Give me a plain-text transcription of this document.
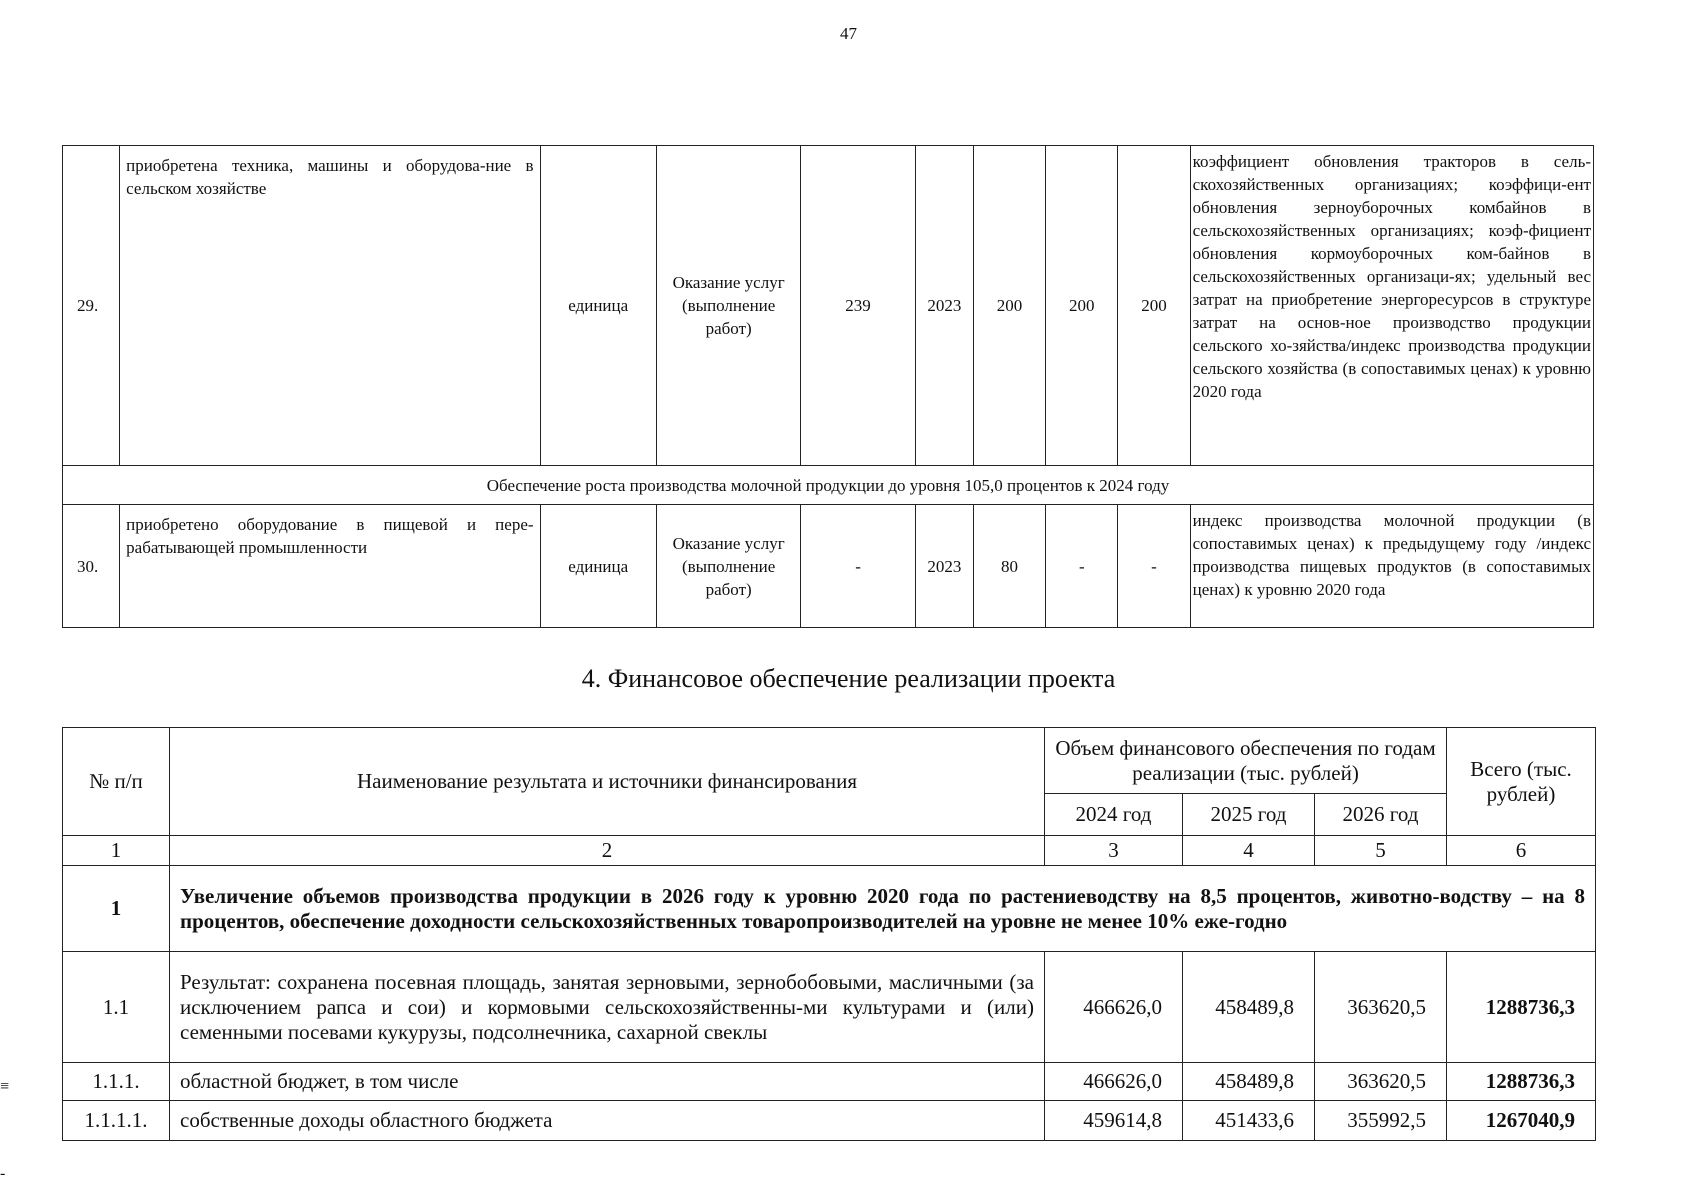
47
29.	приобретена техника, машины и оборудова-ние в сельском хозяйстве	единица	Оказание услуг (выполнение работ)	239	2023	200	200	200	коэффициент обновления тракторов в сель-скохозяйственных организациях; коэффици-ент обновления зерноуборочных комбайнов в сельскохозяйственных организациях; коэф-фициент обновления кормоуборочных ком-байнов в сельскохозяйственных организаци-ях; удельный вес затрат на приобретение энергоресурсов в структуре затрат на основ-ное производство продукции сельского хо-зяйства/индекс производства продукции сельского хозяйства (в сопоставимых ценах) к уровню 2020 года
Обеспечение роста производства молочной продукции до уровня 105,0 процентов к 2024 году									
30.	приобретено оборудование в пищевой и пере-рабатывающей промышленности	единица	Оказание услуг (выполнение работ)	-	2023	80	-	-	индекс производства молочной продукции (в сопоставимых ценах) к предыдущему году /индекс производства пищевых продуктов (в сопоставимых ценах) к уровню 2020 года
4. Финансовое обеспечение реализации проекта
№ п/п	Наименование результата и источники финансирования	Объем финансового обеспечения по годам реализации (тыс. рублей)			Всего (тыс. рублей)
		2024 год	2025 год	2026 год	
1	2	3	4	5	6
1	Увеличение объемов производства продукции в 2026 году к уровню 2020 года по растениеводству на 8,5 процентов, животно-водству – на 8 процентов, обеспечение доходности сельскохозяйственных товаропроизводителей на уровне не менее 10% еже-годно				
1.1	Результат: сохранена посевная площадь, занятая зерновыми, зернобобовыми, масличными (за исключением рапса и сои) и кормовыми сельскохозяйственны-ми культурами и (или) семенными посевами кукурузы, подсолнечника, сахарной свеклы	466626,0	458489,8	363620,5	1288736,3
1.1.1.	областной бюджет, в том числе	466626,0	458489,8	363620,5	1288736,3
1.1.1.1.	собственные доходы областного бюджета	459614,8	451433,6	355992,5	1267040,9
≡
-
